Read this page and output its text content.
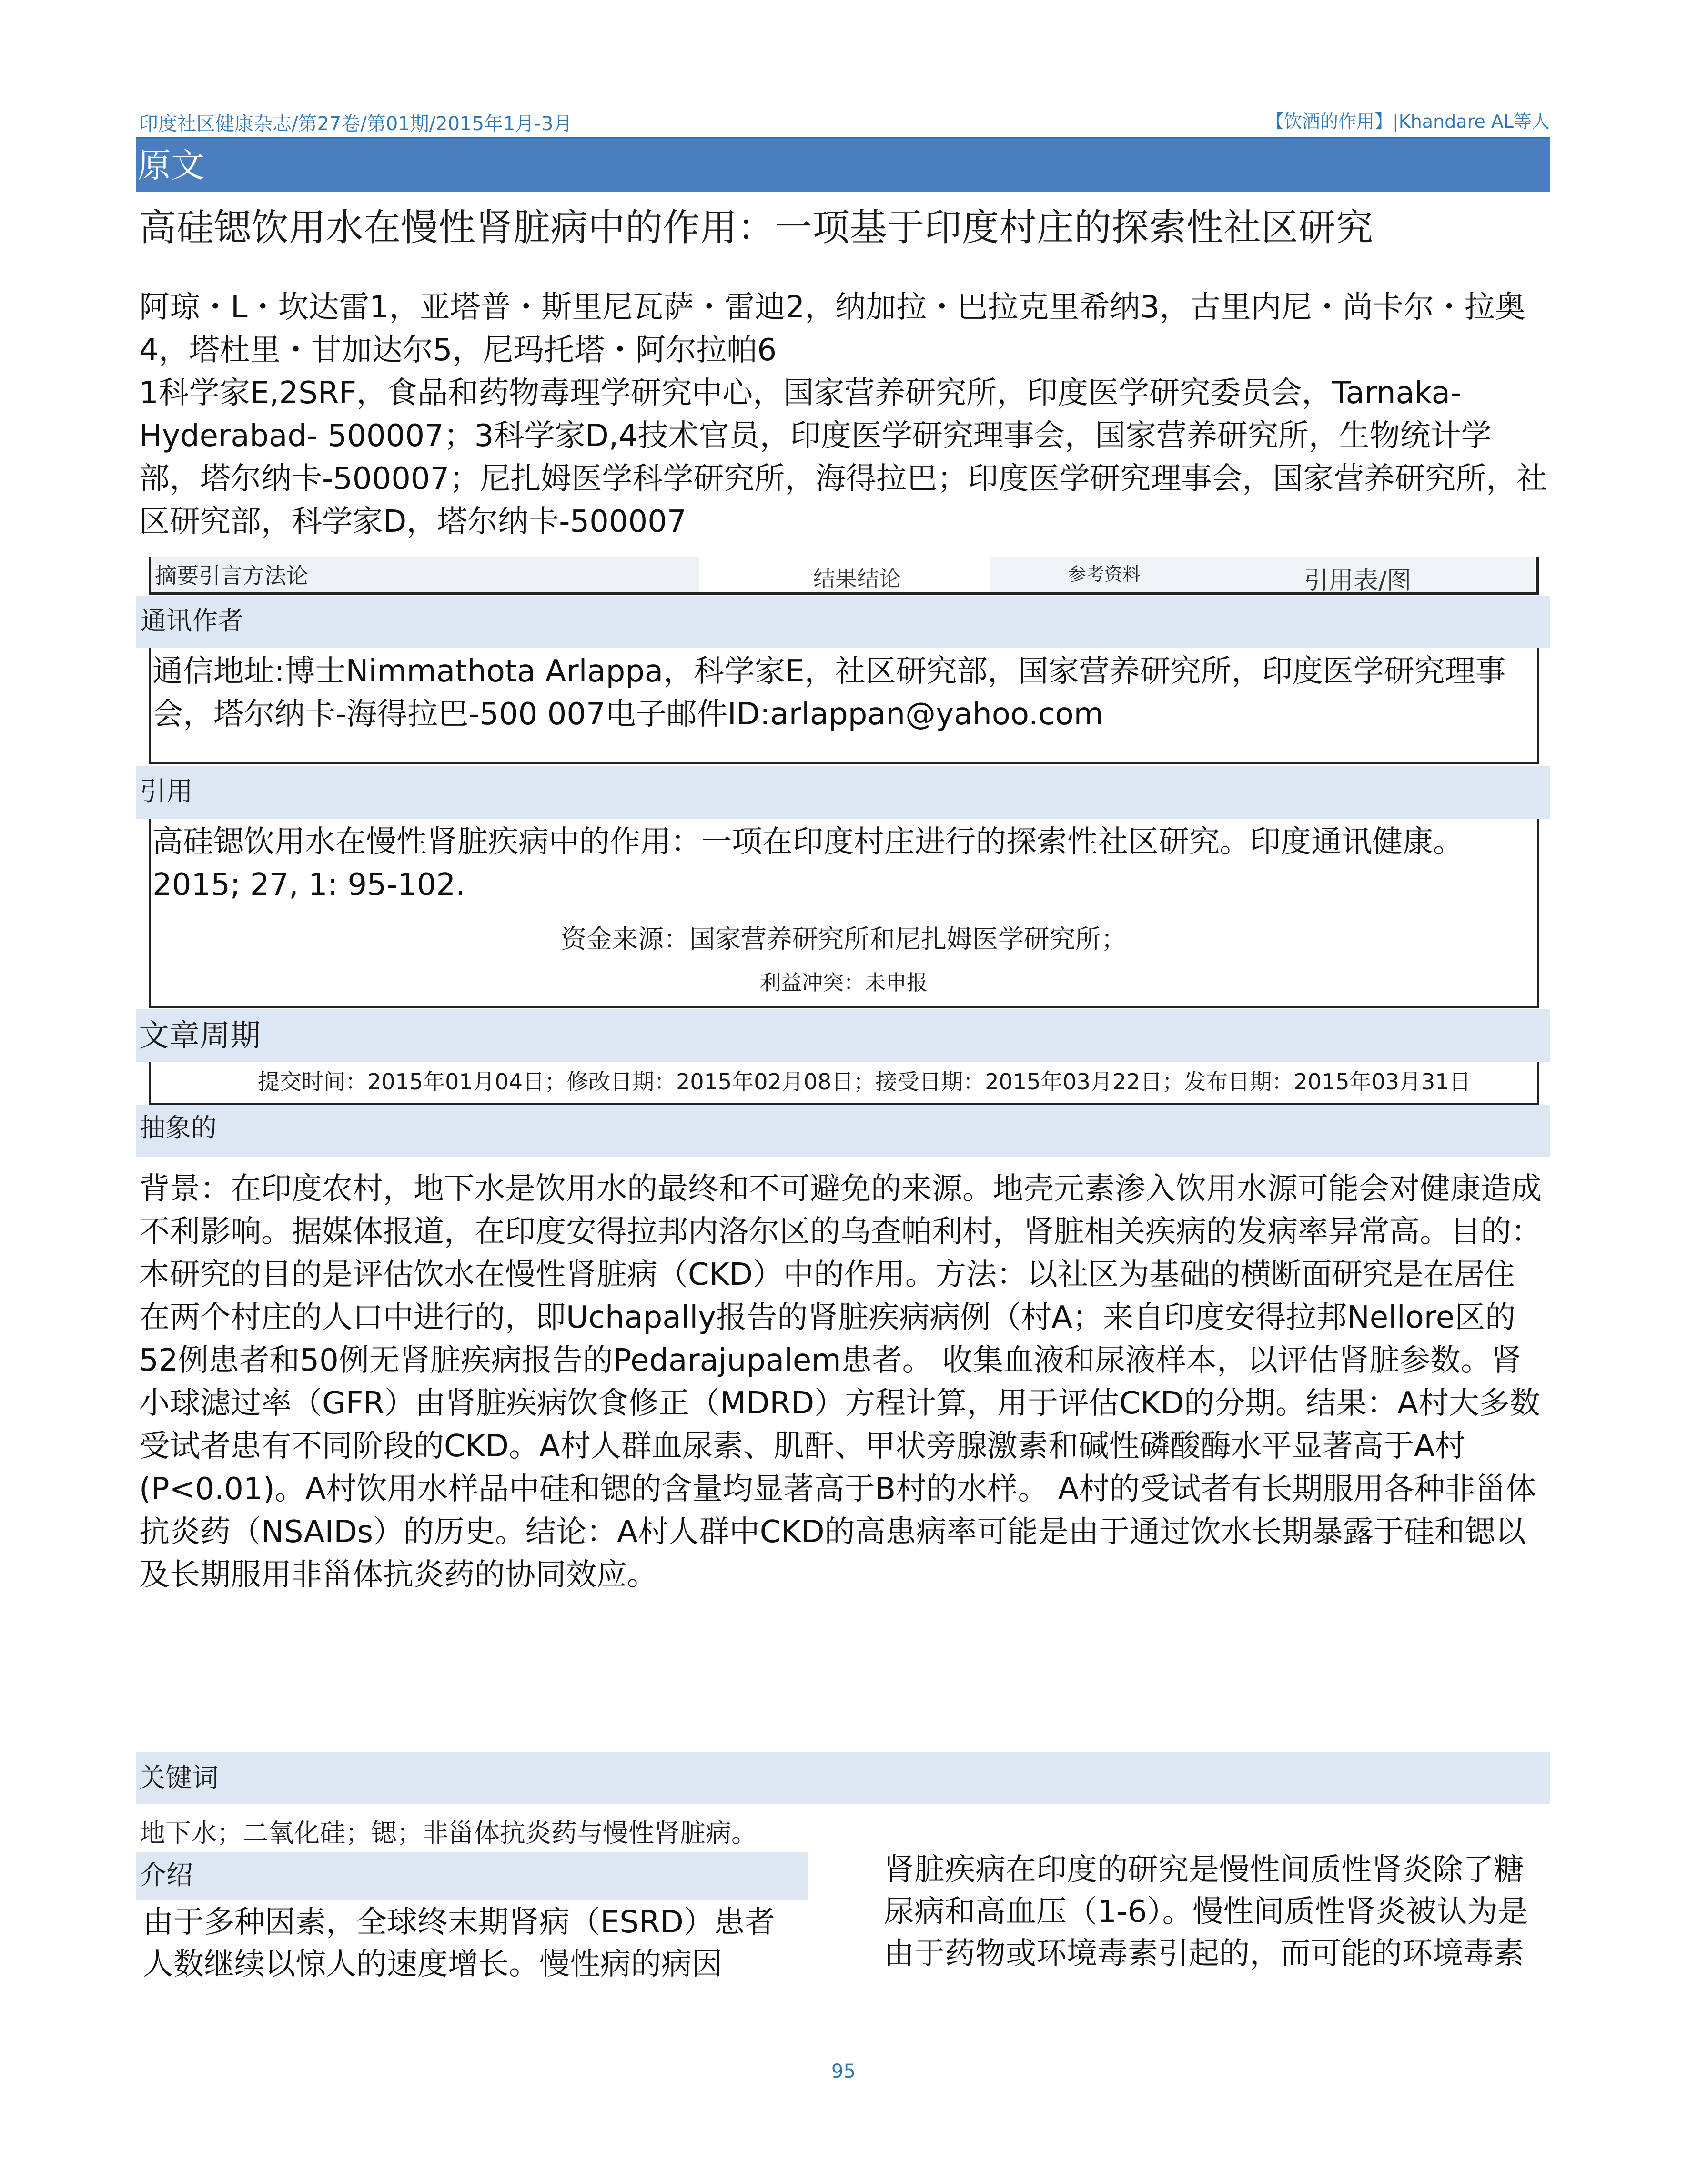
印度社区健康杂志/第27卷/第01期/2015年1月-3月	【饮酒的作用】|Khandare AL等人
原文
高硅锶饮用水在慢性肾脏病中的作用：一项基于印度村庄的探索性社区研究
阿琼・L・坎达雷1，亚塔普・斯里尼瓦萨・雷迪2，纳加拉・巴拉克里希纳3，古里内尼・尚卡尔・拉奥4，塔杜里・甘加达尔5，尼玛托塔・阿尔拉帕6
1科学家E,2SRF，食品和药物毒理学研究中心，国家营养研究所，印度医学研究委员会，Tarnaka-Hyderabad- 500007；3科学家D,4技术官员，印度医学研究理事会，国家营养研究所，生物统计学部，塔尔纳卡-500007；尼扎姆医学科学研究所，海得拉巴；印度医学研究理事会，国家营养研究所，社区研究部，科学家D，塔尔纳卡-500007
摘要引言方法论	结果结论	参考资料	引用表/图
通讯作者
通信地址:博士Nimmathota Arlappa，科学家E，社区研究部，国家营养研究所，印度医学研究理事会，塔尔纳卡-海得拉巴-500 007电子邮件ID:arlappan@yahoo.com
引用
高硅锶饮用水在慢性肾脏疾病中的作用：一项在印度村庄进行的探索性社区研究。印度通讯健康。2015; 27, 1: 95-102.
资金来源：国家营养研究所和尼扎姆医学研究所；
利益冲突：未申报
文章周期
提交时间：2015年01月04日；修改日期：2015年02月08日；接受日期：2015年03月22日；发布日期：2015年03月31日
抽象的
背景：在印度农村，地下水是饮用水的最终和不可避免的来源。地壳元素渗入饮用水源可能会对健康造成不利影响。据媒体报道，在印度安得拉邦内洛尔区的乌查帕利村，肾脏相关疾病的发病率异常高。目的：本研究的目的是评估饮水在慢性肾脏病（CKD）中的作用。方法：以社区为基础的横断面研究是在居住在两个村庄的人口中进行的，即Uchapally报告的肾脏疾病病例（村A；来自印度安得拉邦Nellore区的52例患者和50例无肾脏疾病报告的Pedarajupalem患者。 收集血液和尿液样本，以评估肾脏参数。肾小球滤过率（GFR）由肾脏疾病饮食修正（MDRD）方程计算，用于评估CKD的分期。结果：A村大多数受试者患有不同阶段的CKD。A村人群血尿素、肌酐、甲状旁腺激素和碱性磷酸酶水平显著高于A村(P<0.01)。A村饮用水样品中硅和锶的含量均显著高于B村的水样。 A村的受试者有长期服用各种非甾体抗炎药（NSAIDs）的历史。结论：A村人群中CKD的高患病率可能是由于通过饮水长期暴露于硅和锶以及长期服用非甾体抗炎药的协同效应。
关键词
地下水；二氧化硅；锶；非甾体抗炎药与慢性肾脏病。
介绍
由于多种因素，全球终末期肾病（ESRD）患者人数继续以惊人的速度增长。慢性病的病因
肾脏疾病在印度的研究是慢性间质性肾炎除了糖尿病和高血压（1-6）。慢性间质性肾炎被认为是由于药物或环境毒素引起的，而可能的环境毒素
95
